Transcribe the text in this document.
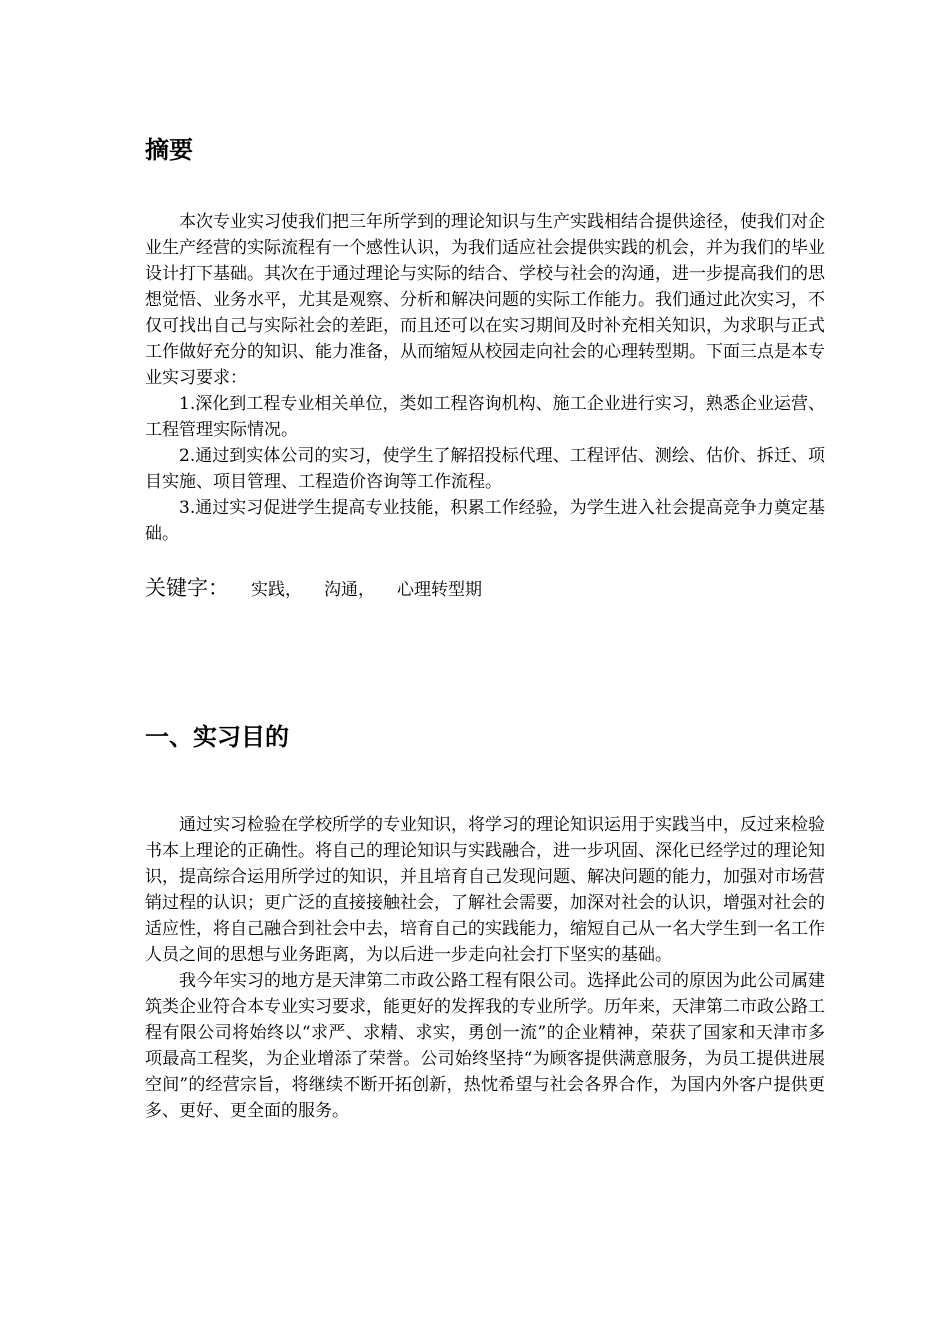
摘要

本次专业实习使我们把三年所学到的理论知识与生产实践相结合提供途径，使我们对企业生产经营的实际流程有一个感性认识，为我们适应社会提供实践的机会，并为我们的毕业设计打下基础。其次在于通过理论与实际的结合、学校与社会的沟通，进一步提高我们的思想觉悟、业务水平，尤其是观察、分析和解决问题的实际工作能力。我们通过此次实习，不仅可找出自己与实际社会的差距，而且还可以在实习期间及时补充相关知识，为求职与正式工作做好充分的知识、能力准备，从而缩短从校园走向社会的心理转型期。下面三点是本专业实习要求：

1.深化到工程专业相关单位，类如工程咨询机构、施工企业进行实习，熟悉企业运营、工程管理实际情况。

2.通过到实体公司的实习，使学生了解招投标代理、工程评估、测绘、估价、拆迁、项目实施、项目管理、工程造价咨询等工作流程。

3.通过实习促进学生提高专业技能，积累工作经验，为学生进入社会提高竞争力奠定基础。

关键字： 实践， 沟通， 心理转型期
一、实习目的

通过实习检验在学校所学的专业知识，将学习的理论知识运用于实践当中，反过来检验书本上理论的正确性。将自己的理论知识与实践融合，进一步巩固、深化已经学过的理论知识，提高综合运用所学过的知识，并且培育自己发现问题、解决问题的能力，加强对市场营销过程的认识；更广泛的直接接触社会，了解社会需要，加深对社会的认识，增强对社会的适应性，将自己融合到社会中去，培育自己的实践能力，缩短自己从一名大学生到一名工作人员之间的思想与业务距离，为以后进一步走向社会打下坚实的基础。

我今年实习的地方是天津第二市政公路工程有限公司。选择此公司的原因为此公司属建筑类企业符合本专业实习要求，能更好的发挥我的专业所学。历年来，天津第二市政公路工程有限公司将始终以“求严、求精、求实，勇创一流”的企业精神，荣获了国家和天津市多项最高工程奖，为企业增添了荣誉。公司始终坚持“为顾客提供满意服务，为员工提供进展空间”的经营宗旨，将继续不断开拓创新，热忱希望与社会各界合作，为国内外客户提供更多、更好、更全面的服务。
